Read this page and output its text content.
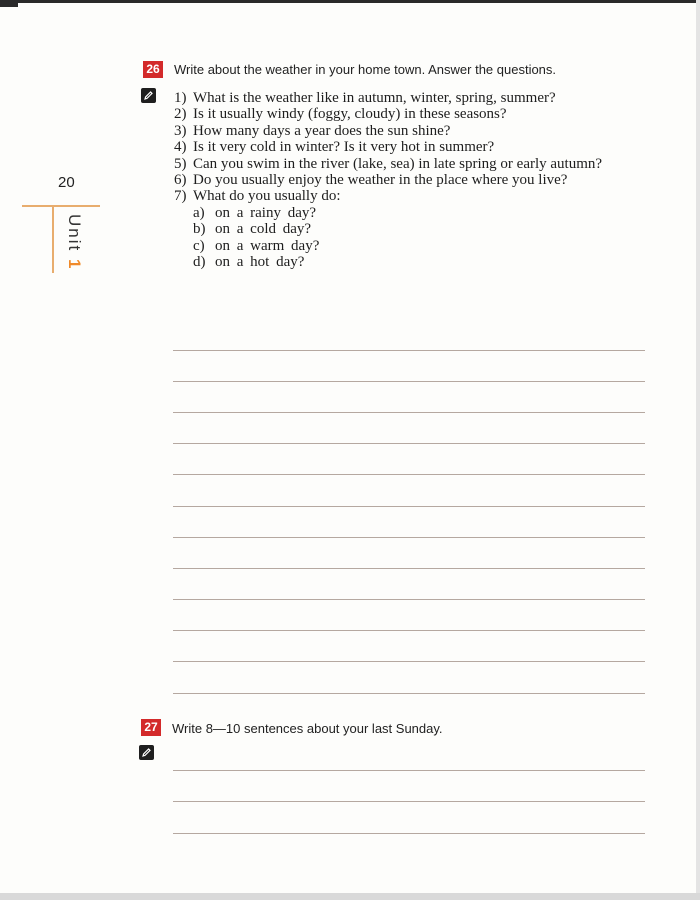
20
Unit 1
26 Write about the weather in your home town. Answer the questions.
1) What is the weather like in autumn, winter, spring, summer?
2) Is it usually windy (foggy, cloudy) in these seasons?
3) How many days a year does the sun shine?
4) Is it very cold in winter? Is it very hot in summer?
5) Can you swim in the river (lake, sea) in late spring or early autumn?
6) Do you usually enjoy the weather in the place where you live?
7) What do you usually do:
a) on a rainy day?
b) on a cold day?
c) on a warm day?
d) on a hot day?
27 Write 8—10 sentences about your last Sunday.
